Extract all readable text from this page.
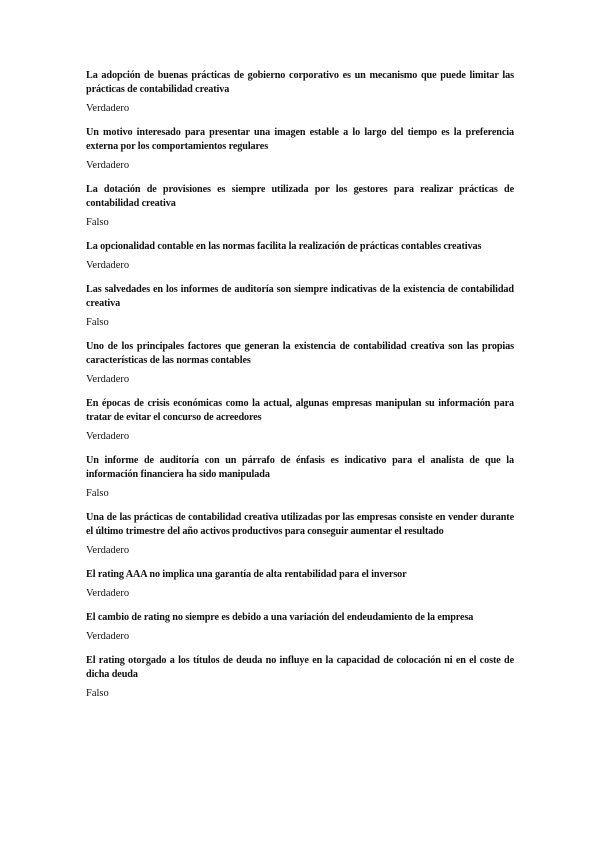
La adopción de buenas prácticas de gobierno corporativo es un mecanismo que puede limitar las prácticas de contabilidad creativa

Verdadero

Un motivo interesado para presentar una imagen estable a lo largo del tiempo es la preferencia externa por los comportamientos regulares

Verdadero

La dotación de provisiones es siempre utilizada por los gestores para realizar prácticas de contabilidad creativa

Falso

La opcionalidad contable en las normas facilita la realización de prácticas contables creativas

Verdadero

Las salvedades en los informes de auditoría son siempre indicativas de la existencia de contabilidad creativa

Falso

Uno de los principales factores que generan la existencia de contabilidad creativa son las propias características de las normas contables

Verdadero

En épocas de crisis económicas como la actual, algunas empresas manipulan su información para tratar de evitar el concurso de acreedores

Verdadero

Un informe de auditoría con un párrafo de énfasis es indicativo para el analista de que la información financiera ha sido manipulada

Falso

Una de las prácticas de contabilidad creativa utilizadas por las empresas consiste en vender durante el último trimestre del año activos productivos para conseguir aumentar el resultado

Verdadero

El rating AAA no implica una garantía de alta rentabilidad para el inversor

Verdadero

El cambio de rating no siempre es debido a una variación del endeudamiento de la empresa

Verdadero

El rating otorgado a los títulos de deuda no influye en la capacidad de colocación ni en el coste de dicha deuda

Falso
